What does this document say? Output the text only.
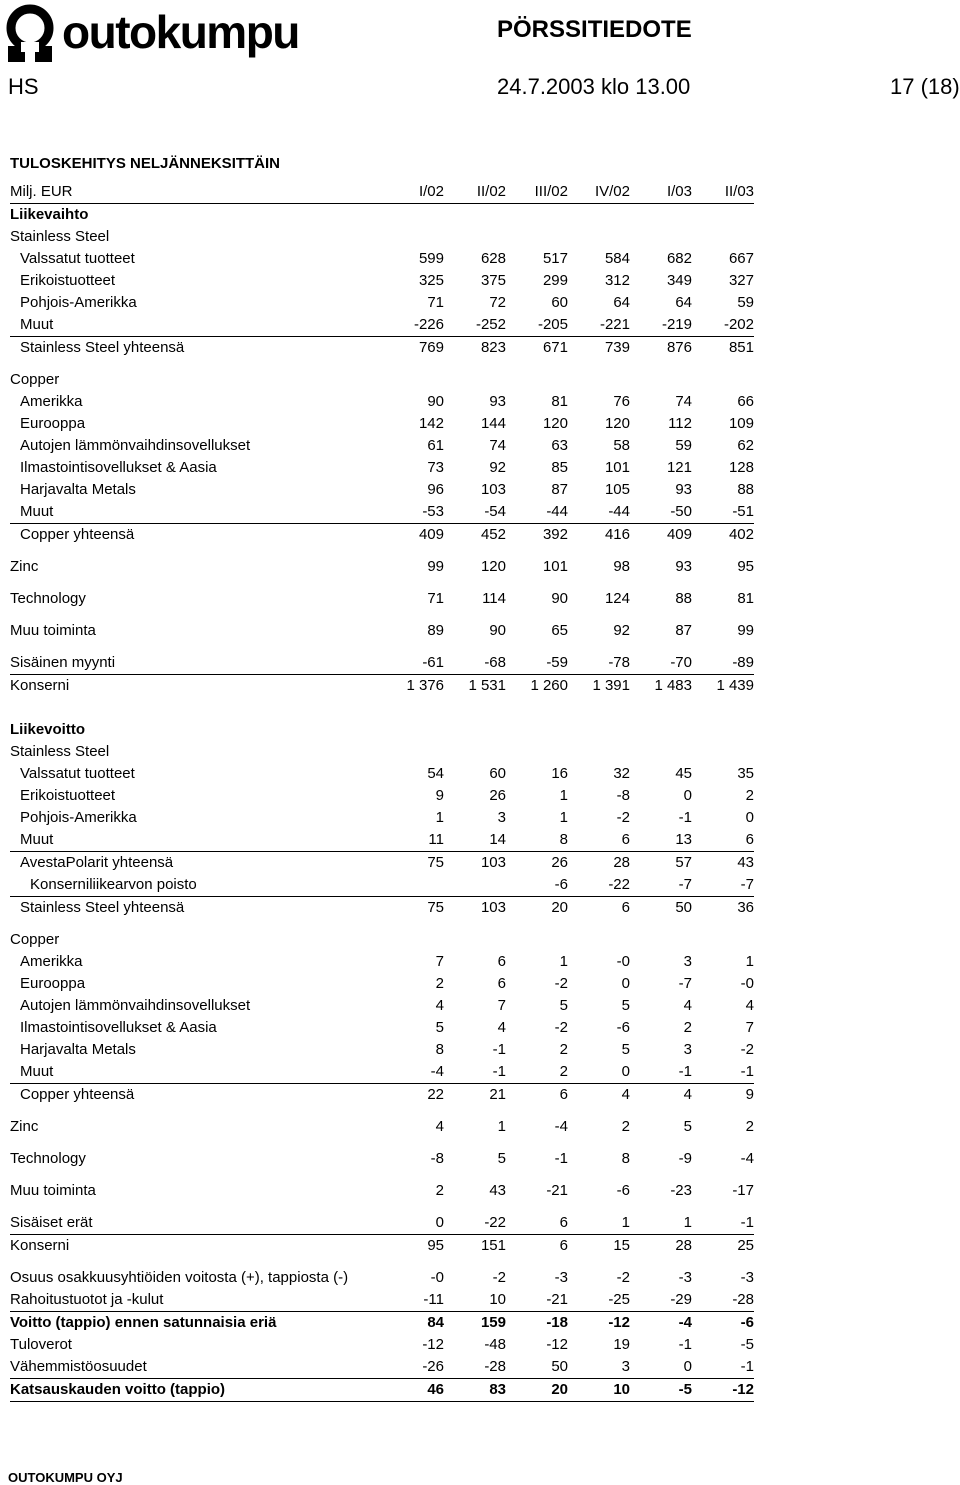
outokumpu	PÖRSSITIEDOTE
HS	24.7.2003 klo 13.00	17 (18)
TULOSKEHITYS NELJÄNNEKSITTÄIN						
Milj. EUR	I/02	II/02	III/02	IV/02	I/03	II/03
Liikevaihto						
Stainless Steel						
Valssatut tuotteet	599	628	517	584	682	667
Erikoistuotteet	325	375	299	312	349	327
Pohjois-Amerikka	71	72	60	64	64	59
Muut	-226	-252	-205	-221	-219	-202
Stainless Steel yhteensä	769	823	671	739	876	851

Copper						
Amerikka	90	93	81	76	74	66
Eurooppa	142	144	120	120	112	109
Autojen lämmönvaihdinsovellukset	61	74	63	58	59	62
Ilmastointisovellukset & Aasia	73	92	85	101	121	128
Harjavalta Metals	96	103	87	105	93	88
Muut	-53	-54	-44	-44	-50	-51
Copper yhteensä	409	452	392	416	409	402

Zinc	99	120	101	98	93	95

Technology	71	114	90	124	88	81

Muu toiminta	89	90	65	92	87	99

Sisäinen myynti	-61	-68	-59	-78	-70	-89
Konserni	1 376	1 531	1 260	1 391	1 483	1 439

Liikevoitto						
Stainless Steel						
Valssatut tuotteet	54	60	16	32	45	35
Erikoistuotteet	9	26	1	-8	0	2
Pohjois-Amerikka	1	3	1	-2	-1	0
Muut	11	14	8	6	13	6
AvestaPolarit yhteensä	75	103	26	28	57	43
Konserniliikearvon poisto			-6	-22	-7	-7
Stainless Steel yhteensä	75	103	20	6	50	36

Copper						
Amerikka	7	6	1	-0	3	1
Eurooppa	2	6	-2	0	-7	-0
Autojen lämmönvaihdinsovellukset	4	7	5	5	4	4
Ilmastointisovellukset & Aasia	5	4	-2	-6	2	7
Harjavalta Metals	8	-1	2	5	3	-2
Muut	-4	-1	2	0	-1	-1
Copper yhteensä	22	21	6	4	4	9

Zinc	4	1	-4	2	5	2

Technology	-8	5	-1	8	-9	-4

Muu toiminta	2	43	-21	-6	-23	-17

Sisäiset erät	0	-22	6	1	1	-1
Konserni	95	151	6	15	28	25

Osuus osakkuusyhtiöiden voitosta (+), tappiosta (-)	-0	-2	-3	-2	-3	-3
Rahoitustuotot ja -kulut	-11	10	-21	-25	-29	-28
Voitto (tappio) ennen satunnaisia eriä	84	159	-18	-12	-4	-6
Tuloverot	-12	-48	-12	19	-1	-5
Vähemmistöosuudet	-26	-28	50	3	0	-1
Katsauskauden voitto (tappio)	46	83	20	10	-5	-12
OUTOKUMPU OYJ
